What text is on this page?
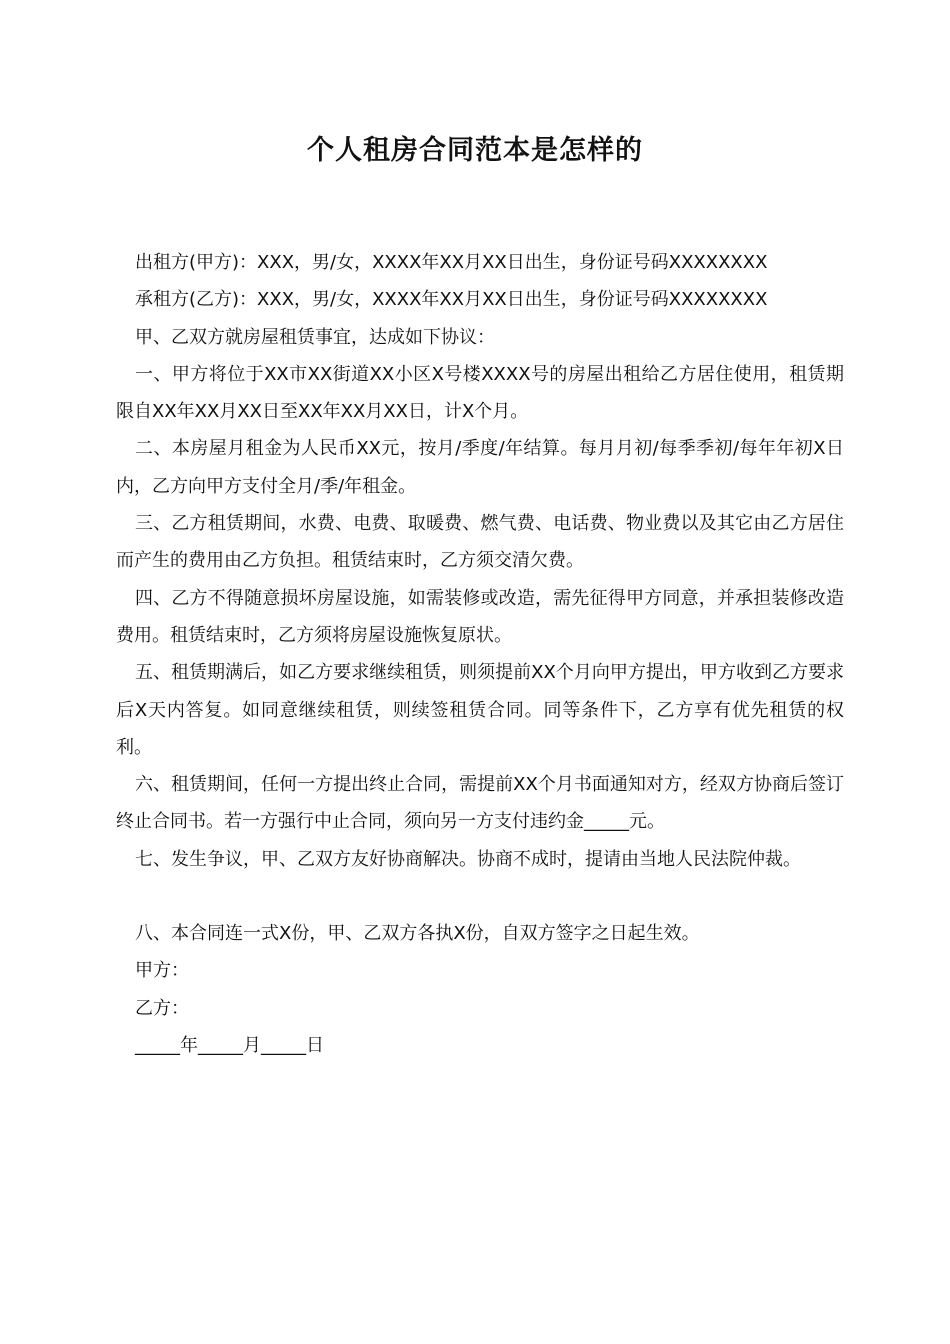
个人租房合同范本是怎样的

出租方(甲方)：XXX，男/女，XXXX年XX月XX日出生，身份证号码XXXXXXXX

承租方(乙方)：XXX，男/女，XXXX年XX月XX日出生，身份证号码XXXXXXXX

甲、乙双方就房屋租赁事宜，达成如下协议：

一、甲方将位于XX市XX街道XX小区X号楼XXXX号的房屋出租给乙方居住使用，租赁期限自XX年XX月XX日至XX年XX月XX日，计X个月。

二、本房屋月租金为人民币XX元，按月/季度/年结算。每月月初/每季季初/每年年初X日内，乙方向甲方支付全月/季/年租金。

三、乙方租赁期间，水费、电费、取暖费、燃气费、电话费、物业费以及其它由乙方居住而产生的费用由乙方负担。租赁结束时，乙方须交清欠费。

四、乙方不得随意损坏房屋设施，如需装修或改造，需先征得甲方同意，并承担装修改造费用。租赁结束时，乙方须将房屋设施恢复原状。

五、租赁期满后，如乙方要求继续租赁，则须提前XX个月向甲方提出，甲方收到乙方要求后X天内答复。如同意继续租赁，则续签租赁合同。同等条件下，乙方享有优先租赁的权利。

六、租赁期间，任何一方提出终止合同，需提前XX个月书面通知对方，经双方协商后签订终止合同书。若一方强行中止合同，须向另一方支付违约金_____元。

七、发生争议，甲、乙双方友好协商解决。协商不成时，提请由当地人民法院仲裁。

八、本合同连一式X份，甲、乙双方各执X份，自双方签字之日起生效。

甲方：

乙方：

_____年_____月_____日
